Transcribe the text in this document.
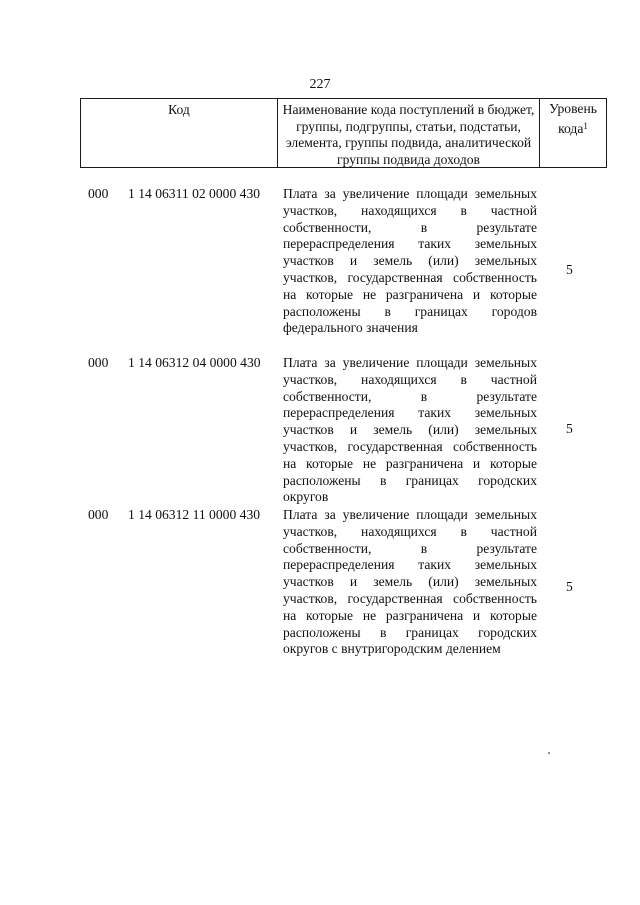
227
Код	Наименование кода поступлений в бюджет, группы, подгруппы, статьи, подстатьи, элемента, группы подвида, аналитической группы подвида доходов
Уровень кода$^1$
000 1 14 06311 02 0000 430 Плата за увеличение площади земельных участков, находящихся в частной собственности, в результате перераспределения таких земельных участков и земель (или) земельных участков, государственная собственность на которые не разграничена и которые расположены в границах городов федерального значения
5
000 1 14 06312 04 0000 430 Плата за увеличение площади земельных участков, находящихся в частной собственности, в результате перераспределения таких земельных участков и земель (или) земельных участков, государственная собственность на которые не разграничена и которые расположены в границах городских округов
5
000 1 14 06312 11 0000 430 Плата за увеличение площади земельных участков, находящихся в частной собственности, в результате перераспределения таких земельных участков и земель (или) земельных участков, государственная собственность на которые не разграничена и которые расположены в границах городских округов с внутригородским делением
5
